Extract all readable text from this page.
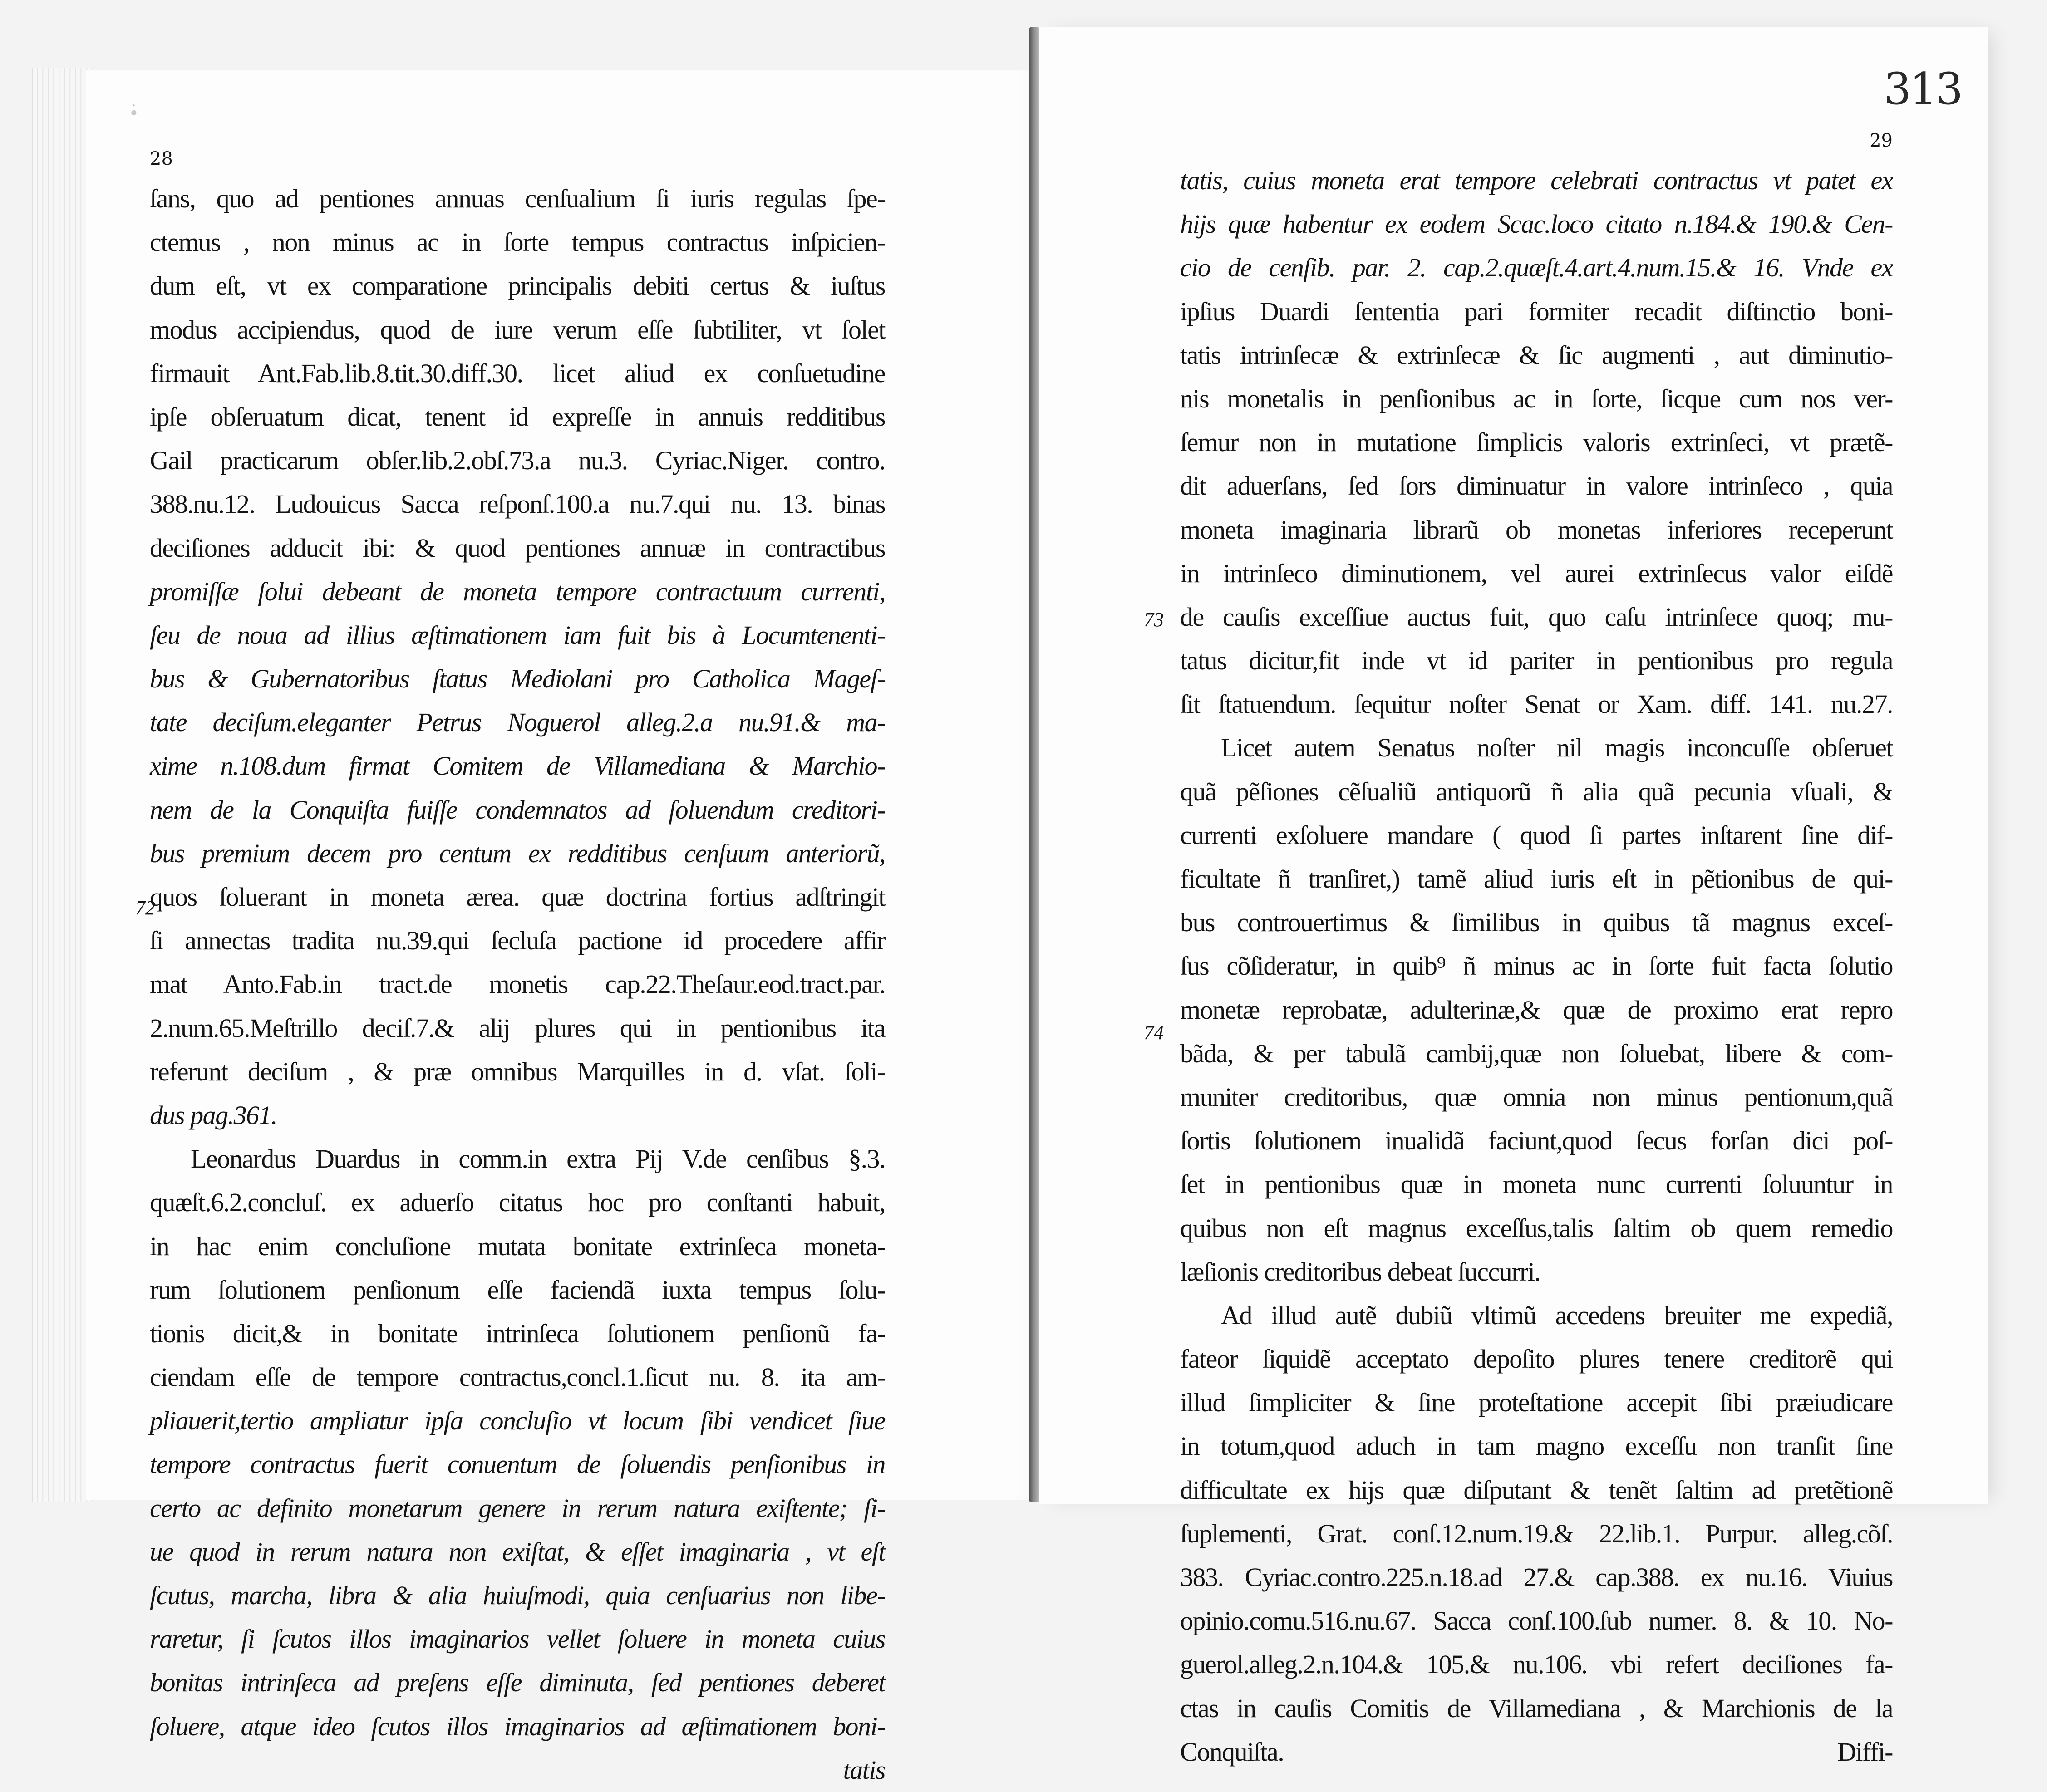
∙̇	313
28
ſans, quo ad pentiones annuas cenſualium ſi iuris regulas ſpe-
ctemus , non minus ac in ſorte tempus contractus inſpicien-
dum eſt, vt ex comparatione principalis debiti certus & iuſtus
modus accipiendus, quod de iure verum eſſe ſubtiliter, vt ſolet
firmauit Ant.Fab.lib.8.tit.30.diff.30. licet aliud ex conſuetudine
ipſe obſeruatum dicat, tenent id expreſſe in annuis redditibus
Gail practicarum obſer.lib.2.obſ.73.a nu.3. Cyriac.Niger. contro.
388.nu.12. Ludouicus Sacca reſponſ.100.a nu.7.qui nu. 13. binas
deciſiones adducit ibi: & quod pentiones annuæ in contractibus
promiſſæ ſolui debeant de moneta tempore contractuum currenti,
ſeu de noua ad illius æſtimationem iam fuit bis à Locumtenenti-
bus & Gubernatoribus ſtatus Mediolani pro Catholica Mageſ-
tate deciſum.eleganter Petrus Noguerol alleg.2.a nu.91.& ma-
xime n.108.dum firmat Comitem de Villamediana & Marchio-
nem de la Conquiſta fuiſſe condemnatos ad ſoluendum creditori-
bus premium decem pro centum ex redditibus cenſuum anteriorũ,
quos ſoluerant in moneta ærea. quæ doctrina fortius adſtringit
ſi annectas tradita nu.39.qui ſecluſa pactione id procedere affir
mat Anto.Fab.in tract.de monetis cap.22.Theſaur.eod.tract.par.
2.num.65.Meſtrillo deciſ.7.& alij plures qui in pentionibus ita
referunt deciſum , & præ omnibus Marquilles in d. vſat. ſoli-
dus pag.361.
Leonardus Duardus in comm.in extra Pij V.de cenſibus §.3.
quæſt.6.2.concluſ. ex aduerſo citatus hoc pro conſtanti habuit,
in hac enim concluſione mutata bonitate extrinſeca moneta-
rum ſolutionem penſionum eſſe faciendã iuxta tempus ſolu-
tionis dicit,& in bonitate intrinſeca ſolutionem penſionũ fa-
ciendam eſſe de tempore contractus,concl.1.ſicut nu. 8. ita am-
pliauerit,tertio ampliatur ipſa concluſio vt locum ſibi vendicet ſiue
tempore contractus fuerit conuentum de ſoluendis penſionibus in
certo ac definito monetarum genere in rerum natura exiſtente; ſi-
ue quod in rerum natura non exiſtat, & eſſet imaginaria , vt eſt
ſcutus, marcha, libra & alia huiuſmodi, quia cenſuarius non libe-
raretur, ſi ſcutos illos imaginarios vellet ſoluere in moneta cuius
bonitas intrinſeca ad preſens eſſe diminuta, ſed pentiones deberet
ſoluere, atque ideo ſcutos illos imaginarios ad æſtimationem boni-
tatis
29
tatis, cuius moneta erat tempore celebrati contractus vt patet ex
hijs quæ habentur ex eodem Scac.loco citato n.184.& 190.& Cen-
cio de cenſib. par. 2. cap.2.quæſt.4.art.4.num.15.& 16. Vnde ex
ipſius Duardi ſententia pari formiter recadit diſtinctio boni-
tatis intrinſecæ & extrinſecæ & ſic augmenti , aut diminutio-
nis monetalis in penſionibus ac in ſorte, ſicque cum nos ver-
ſemur non in mutatione ſimplicis valoris extrinſeci, vt prætẽ-
dit aduerſans, ſed ſors diminuatur in valore intrinſeco , quia
moneta imaginaria librarũ ob monetas inferiores receperunt
in intrinſeco diminutionem, vel aurei extrinſecus valor eiſdẽ
de cauſis exceſſiue auctus fuit, quo caſu intrinſece quoq; mu-
tatus dicitur,fit inde vt id pariter in pentionibus pro regula
ſit ſtatuendum. ſequitur noſter Senat or Xam. diff. 141. nu.27.
Licet autem Senatus noſter nil magis inconcuſſe obſeruet
quã pẽſiones cẽſualiũ antiquorũ ñ alia quã pecunia vſuali, &
currenti exſoluere mandare ( quod ſi partes inſtarent ſine dif-
ficultate ñ tranſiret,) tamẽ aliud iuris eſt in pẽtionibus de qui-
bus controuertimus & ſimilibus in quibus tã magnus exceſ-
ſus cõſideratur, in quib⁹ ñ minus ac in ſorte fuit facta ſolutio
monetæ reprobatæ, adulterinæ,& quæ de proximo erat repro
bãda, & per tabulã cambij,quæ non ſoluebat, libere & com-
muniter creditoribus, quæ omnia non minus pentionum,quã
ſortis ſolutionem inualidã faciunt,quod ſecus forſan dici poſ-
ſet in pentionibus quæ in moneta nunc currenti ſoluuntur in
quibus non eſt magnus exceſſus,talis ſaltim ob quem remedio
læſionis creditoribus debeat ſuccurri.
Ad illud autẽ dubiũ vltimũ accedens breuiter me expediã,
fateor ſiquidẽ acceptato depoſito plures tenere creditorẽ qui
illud ſimpliciter & ſine proteſtatione accepit ſibi præiudicare
in totum,quod aduch in tam magno exceſſu non tranſit ſine
difficultate ex hijs quæ diſputant & tenẽt ſaltim ad pretẽtionẽ
ſuplementi, Grat. conſ.12.num.19.& 22.lib.1. Purpur. alleg.cõſ.
383. Cyriac.contro.225.n.18.ad 27.& cap.388. ex nu.16. Viuius
opinio.comu.516.nu.67. Sacca conſ.100.ſub numer. 8. & 10. No-
guerol.alleg.2.n.104.& 105.& nu.106. vbi refert deciſiones fa-
ctas in cauſis Comitis de Villamediana , & Marchionis de la
Conquiſta.	Diffi-
73
74
72
